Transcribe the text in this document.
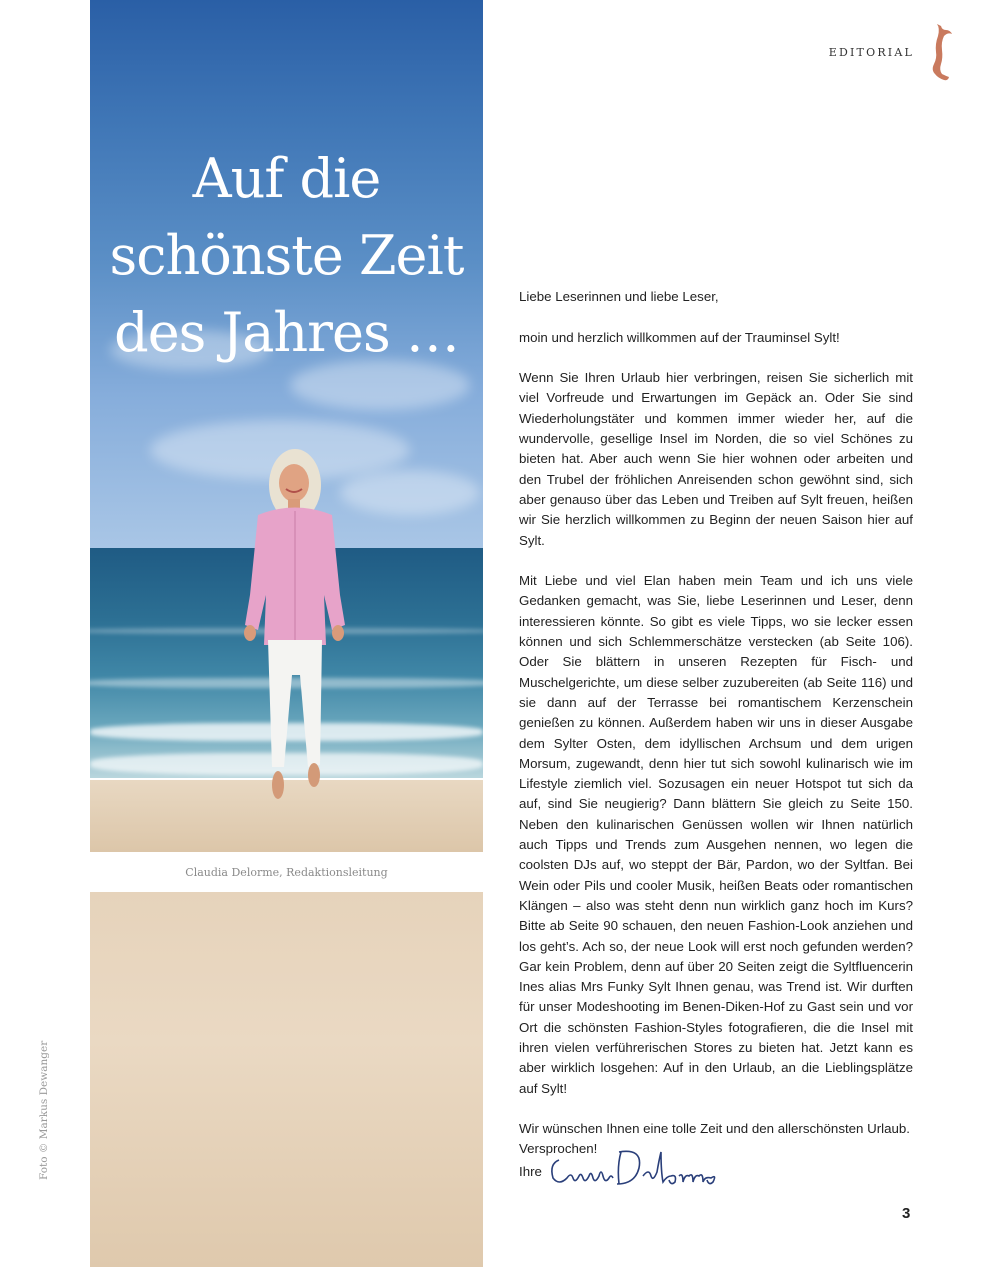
Auf die
schönste Zeit
des Jahres …
Claudia Delorme, Redaktionsleitung
Foto © Markus Dewanger
EDITORIAL

Liebe Leserinnen und liebe Leser,

moin und herzlich willkommen auf der Trauminsel Sylt!

Wenn Sie Ihren Urlaub hier verbringen, reisen Sie sicherlich mit viel Vorfreude und Erwartungen im Gepäck an. Oder Sie sind Wiederholungstäter und kommen immer wieder her, auf die wundervolle, gesellige Insel im Norden, die so viel Schönes zu bieten hat. Aber auch wenn Sie hier wohnen oder arbeiten und den Trubel der fröhlichen Anreisenden schon gewöhnt sind, sich aber genauso über das Leben und Treiben auf Sylt freuen, heißen wir Sie herzlich willkommen zu Beginn der neuen Saison hier auf Sylt.

Mit Liebe und viel Elan haben mein Team und ich uns viele Gedanken gemacht, was Sie, liebe Leserinnen und Leser, denn interessieren könnte. So gibt es viele Tipps, wo sie lecker essen können und sich Schlemmerschätze verstecken (ab Seite 106). Oder Sie blättern in unseren Rezepten für Fisch- und Muschelgerichte, um diese selber zuzubereiten (ab Seite 116) und sie dann auf der Terrasse bei romantischem Kerzenschein genießen zu können. Außerdem haben wir uns in dieser Ausgabe dem Sylter Osten, dem idyllischen Archsum und dem urigen Morsum, zugewandt, denn hier tut sich sowohl kulinarisch wie im Lifestyle ziemlich viel. Sozusagen ein neuer Hotspot tut sich da auf, sind Sie neugierig? Dann blättern Sie gleich zu Seite 150. Neben den kulinarischen Genüssen wollen wir Ihnen natürlich auch Tipps und Trends zum Ausgehen nennen, wo legen die coolsten DJs auf, wo steppt der Bär, Pardon, wo der Syltfan. Bei Wein oder Pils und cooler Musik, heißen Beats oder romantischen Klängen – also was steht denn nun wirklich ganz hoch im Kurs? Bitte ab Seite 90 schauen, den neuen Fashion-Look anziehen und los geht’s. Ach so, der neue Look will erst noch gefunden werden? Gar kein Problem, denn auf über 20 Seiten zeigt die Syltfluencerin Ines alias Mrs Funky Sylt Ihnen genau, was Trend ist. Wir durften für unser Modeshooting im Benen-Diken-Hof zu Gast sein und vor Ort die schönsten Fashion-Styles fotografieren, die die Insel mit ihren vielen verführerischen Stores zu bieten hat. Jetzt kann es aber wirklich losgehen: Auf in den Urlaub, an die Lieblingsplätze auf Sylt!

Wir wünschen Ihnen eine tolle Zeit und den allerschönsten Urlaub. Versprochen!

Ihre
3
